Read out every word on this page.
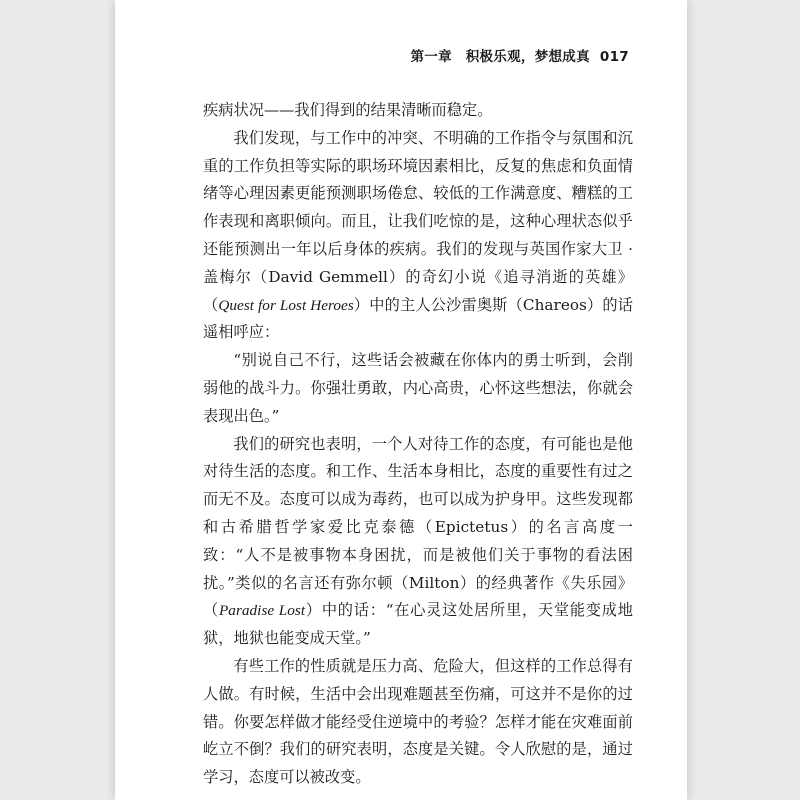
第一章　积极乐观，梦想成真 017

疾病状况——我们得到的结果清晰而稳定。

我们发现，与工作中的冲突、不明确的工作指令与氛围和沉重的工作负担等实际的职场环境因素相比，反复的焦虑和负面情绪等心理因素更能预测职场倦怠、较低的工作满意度、糟糕的工作表现和离职倾向。而且，让我们吃惊的是，这种心理状态似乎还能预测出一年以后身体的疾病。我们的发现与英国作家大卫 · 盖梅尔（David Gemmell）的奇幻小说《追寻消逝的英雄》（Quest for Lost Heroes）中的主人公沙雷奥斯（Chareos）的话遥相呼应：

“别说自己不行，这些话会被藏在你体内的勇士听到，会削弱他的战斗力。你强壮勇敢，内心高贵，心怀这些想法，你就会表现出色。”

我们的研究也表明，一个人对待工作的态度，有可能也是他对待生活的态度。和工作、生活本身相比，态度的重要性有过之而无不及。态度可以成为毒药，也可以成为护身甲。这些发现都和古希腊哲学家爱比克泰德（Epictetus）的名言高度一致：“人不是被事物本身困扰，而是被他们关于事物的看法困扰。”类似的名言还有弥尔顿（Milton）的经典著作《失乐园》（Paradise Lost）中的话：“在心灵这处居所里，天堂能变成地狱，地狱也能变成天堂。”

有些工作的性质就是压力高、危险大，但这样的工作总得有人做。有时候，生活中会出现难题甚至伤痛，可这并不是你的过错。你要怎样做才能经受住逆境中的考验？怎样才能在灾难面前屹立不倒？我们的研究表明，态度是关键。令人欣慰的是，通过学习，态度可以被改变。
